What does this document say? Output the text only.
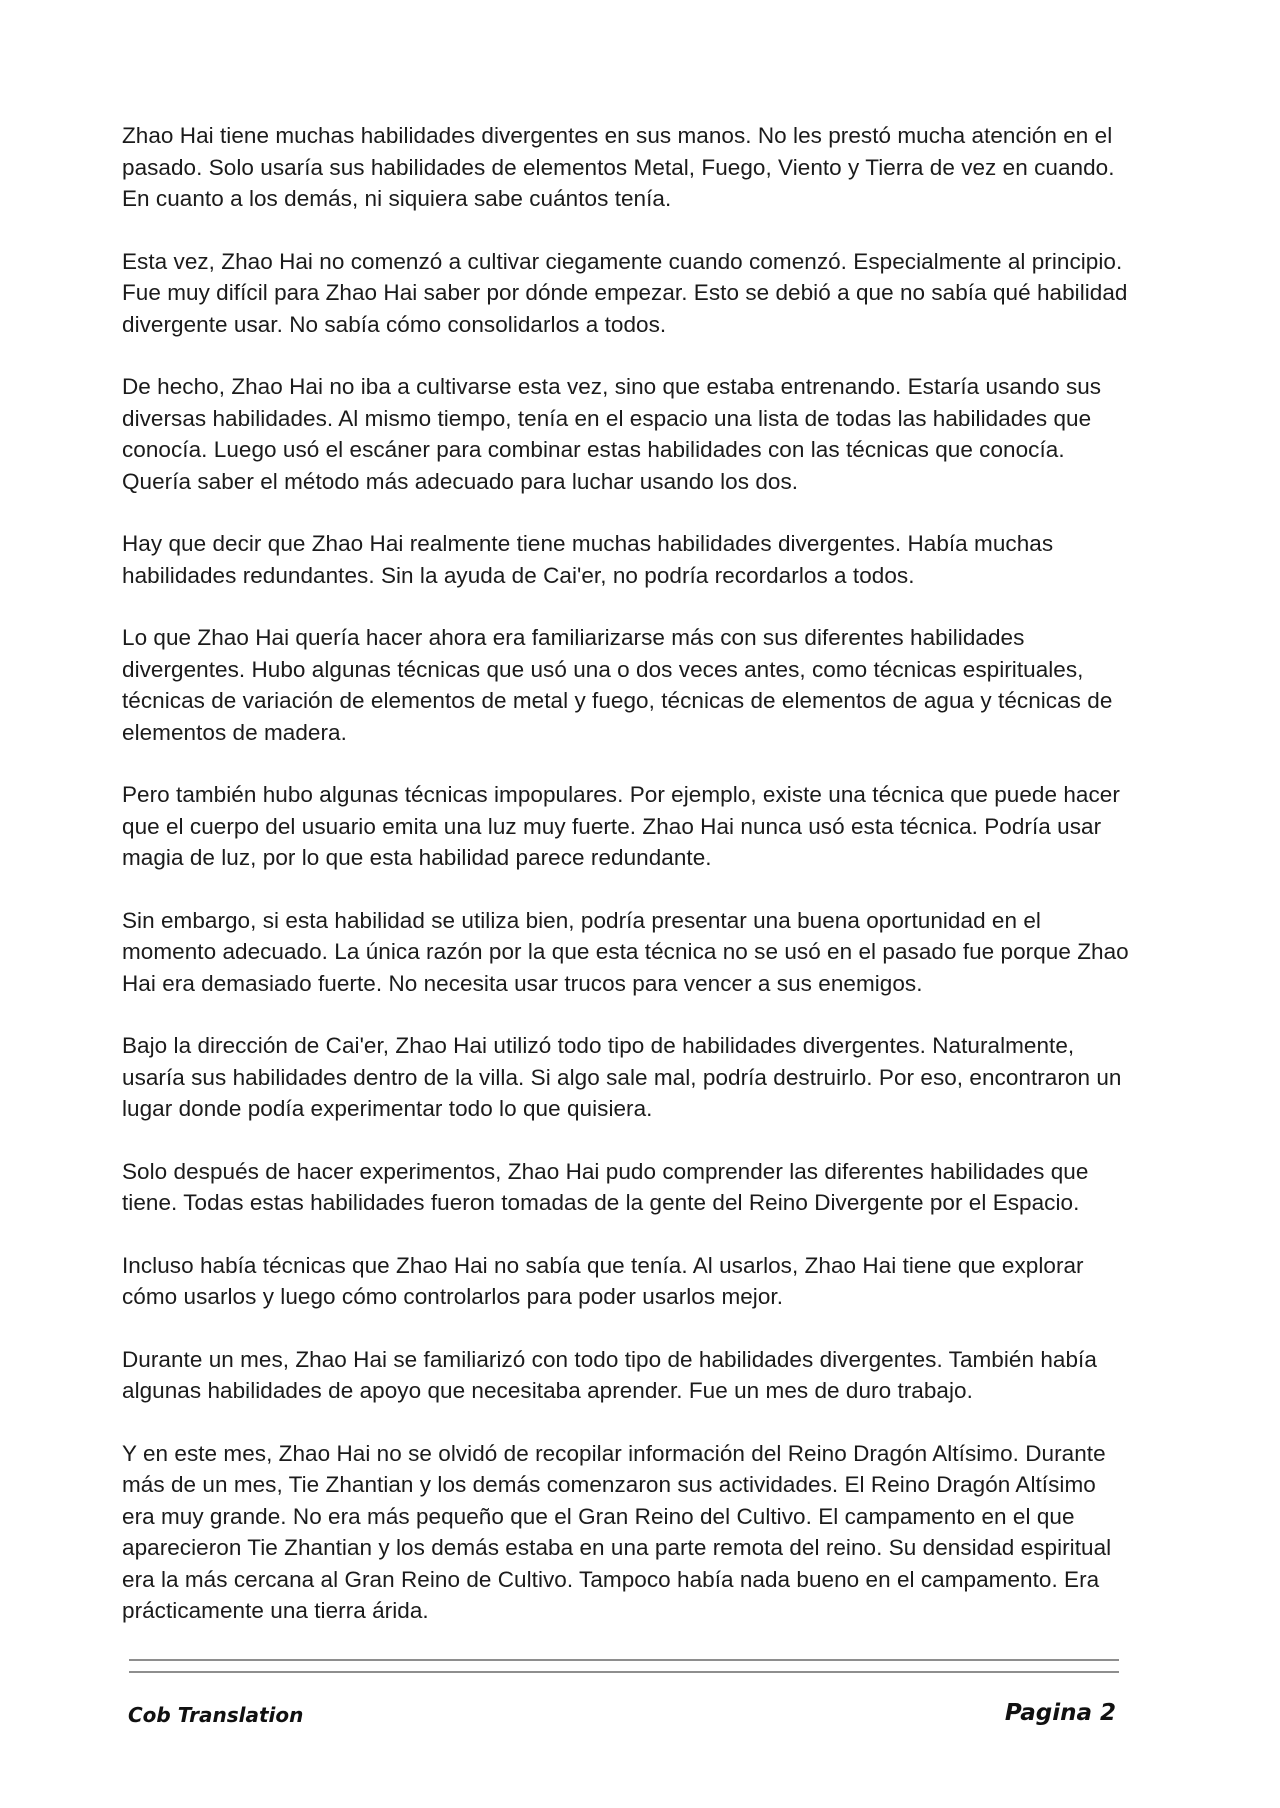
Zhao Hai tiene muchas habilidades divergentes en sus manos. No les prestó mucha atención en el pasado. Solo usaría sus habilidades de elementos Metal, Fuego, Viento y Tierra de vez en cuando. En cuanto a los demás, ni siquiera sabe cuántos tenía.

Esta vez, Zhao Hai no comenzó a cultivar ciegamente cuando comenzó. Especialmente al principio. Fue muy difícil para Zhao Hai saber por dónde empezar. Esto se debió a que no sabía qué habilidad divergente usar. No sabía cómo consolidarlos a todos.

De hecho, Zhao Hai no iba a cultivarse esta vez, sino que estaba entrenando. Estaría usando sus diversas habilidades. Al mismo tiempo, tenía en el espacio una lista de todas las habilidades que conocía. Luego usó el escáner para combinar estas habilidades con las técnicas que conocía. Quería saber el método más adecuado para luchar usando los dos.

Hay que decir que Zhao Hai realmente tiene muchas habilidades divergentes. Había muchas habilidades redundantes. Sin la ayuda de Cai'er, no podría recordarlos a todos.

Lo que Zhao Hai quería hacer ahora era familiarizarse más con sus diferentes habilidades divergentes. Hubo algunas técnicas que usó una o dos veces antes, como técnicas espirituales, técnicas de variación de elementos de metal y fuego, técnicas de elementos de agua y técnicas de elementos de madera.

Pero también hubo algunas técnicas impopulares. Por ejemplo, existe una técnica que puede hacer que el cuerpo del usuario emita una luz muy fuerte. Zhao Hai nunca usó esta técnica. Podría usar magia de luz, por lo que esta habilidad parece redundante.

Sin embargo, si esta habilidad se utiliza bien, podría presentar una buena oportunidad en el momento adecuado. La única razón por la que esta técnica no se usó en el pasado fue porque Zhao Hai era demasiado fuerte. No necesita usar trucos para vencer a sus enemigos.

Bajo la dirección de Cai'er, Zhao Hai utilizó todo tipo de habilidades divergentes. Naturalmente, usaría sus habilidades dentro de la villa. Si algo sale mal, podría destruirlo. Por eso, encontraron un lugar donde podía experimentar todo lo que quisiera.

Solo después de hacer experimentos, Zhao Hai pudo comprender las diferentes habilidades que tiene. Todas estas habilidades fueron tomadas de la gente del Reino Divergente por el Espacio.

Incluso había técnicas que Zhao Hai no sabía que tenía. Al usarlos, Zhao Hai tiene que explorar cómo usarlos y luego cómo controlarlos para poder usarlos mejor.

Durante un mes, Zhao Hai se familiarizó con todo tipo de habilidades divergentes. También había algunas habilidades de apoyo que necesitaba aprender. Fue un mes de duro trabajo.

Y en este mes, Zhao Hai no se olvidó de recopilar información del Reino Dragón Altísimo. Durante más de un mes, Tie Zhantian y los demás comenzaron sus actividades. El Reino Dragón Altísimo era muy grande. No era más pequeño que el Gran Reino del Cultivo. El campamento en el que aparecieron Tie Zhantian y los demás estaba en una parte remota del reino. Su densidad espiritual era la más cercana al Gran Reino de Cultivo. Tampoco había nada bueno en el campamento. Era prácticamente una tierra árida.

Cob Translation	Pagina 2
